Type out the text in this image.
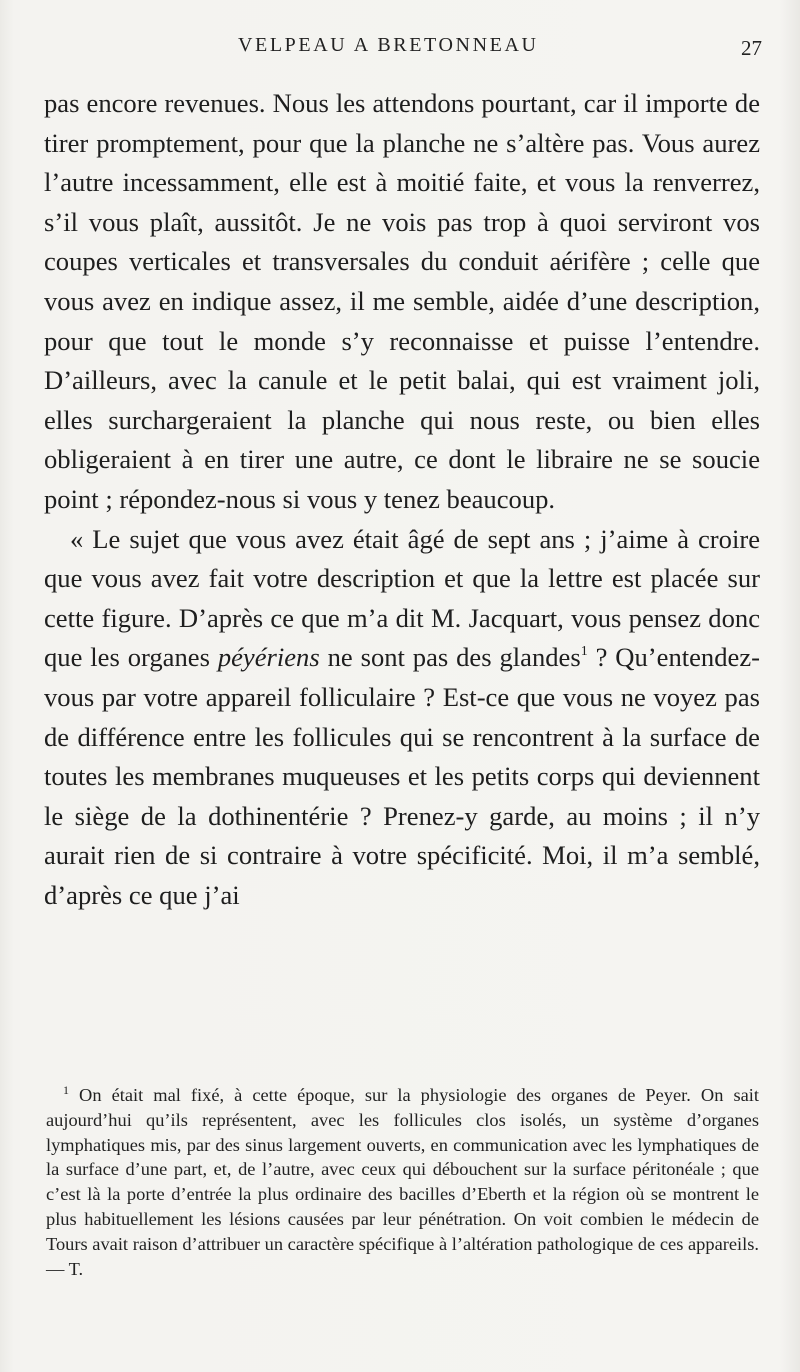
VELPEAU A BRETONNEAU	27

pas encore revenues. Nous les attendons pourtant, car il importe de tirer promptement, pour que la planche ne s’altère pas. Vous aurez l’autre incessamment, elle est à moitié faite, et vous la renverrez, s’il vous plaît, aussitôt. Je ne vois pas trop à quoi serviront vos coupes verticales et transversales du conduit aérifère ; celle que vous avez en indique assez, il me semble, aidée d’une description, pour que tout le monde s’y reconnaisse et puisse l’entendre. D’ailleurs, avec la canule et le petit balai, qui est vraiment joli, elles surchargeraient la planche qui nous reste, ou bien elles obligeraient à en tirer une autre, ce dont le libraire ne se soucie point ; répondez-nous si vous y tenez beaucoup.

« Le sujet que vous avez était âgé de sept ans ; j’aime à croire que vous avez fait votre description et que la lettre est placée sur cette figure. D’après ce que m’a dit M. Jacquart, vous pensez donc que les organes péyériens ne sont pas des glandes$^1$ ? Qu’entendez-vous par votre appareil folliculaire ? Est-ce que vous ne voyez pas de différence entre les follicules qui se rencontrent à la surface de toutes les membranes muqueuses et les petits corps qui deviennent le siège de la dothinentérie ? Prenez-y garde, au moins ; il n’y aurait rien de si contraire à votre spécificité. Moi, il m’a semblé, d’après ce que j’ai

$^1$ On était mal fixé, à cette époque, sur la physiologie des organes de Peyer. On sait aujourd’hui qu’ils représentent, avec les follicules clos isolés, un système d’organes lymphatiques mis, par des sinus largement ouverts, en communication avec les lymphatiques de la surface d’une part, et, de l’autre, avec ceux qui débouchent sur la surface péritonéale ; que c’est là la porte d’entrée la plus ordinaire des bacilles d’Eberth et la région où se montrent le plus habituellement les lésions causées par leur pénétration. On voit combien le médecin de Tours avait raison d’attribuer un caractère spécifique à l’altération pathologique de ces appareils. — T.
